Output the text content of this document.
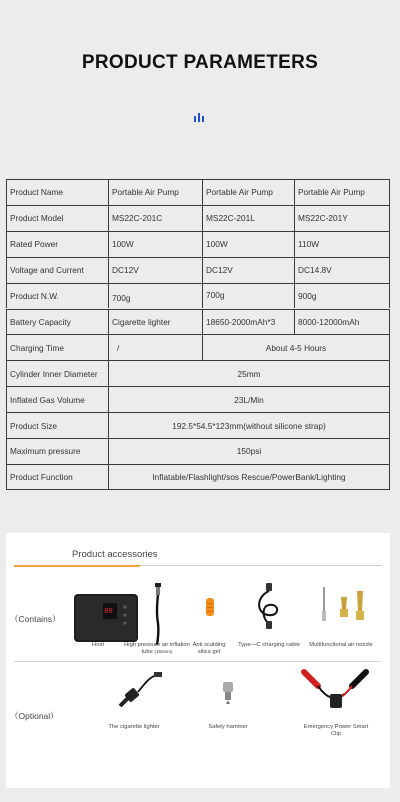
PRODUCT PARAMETERS
Product Name	Portable Air Pump	Portable Air Pump	Portable Air Pump
Product Model	MS22C-201C	MS22C-201L	MS22C-201Y
Rated Power	100W	100W	110W
Voltage and Current	DC12V	DC12V	DC14.8V
Product N.W.	700g	700g	900g
Battery Capacity	Cigarette lighter	18650-2000mAh*3	8000-12000mAh
Charging Time	/	About 4-5 Hours
Cylinder Inner Diameter	25mm
Inflated Gas Volume	23L/Min
Product Size	192.5*54.5*123mm(without silicone strap)
Maximum pressure	150psi
Product Function	Inflatable/Flashlight/sos Rescue/PowerBank/Lighting
Product accessories
（Contains）
（Optional）
88
Host	High pressure air inflation tube (150mm)
Anti scalding silica gel
Type—C charging cable	Multifunctional air nozzle
The cigarette lighter	Safety hammer	Emergency Power Smart Clip
